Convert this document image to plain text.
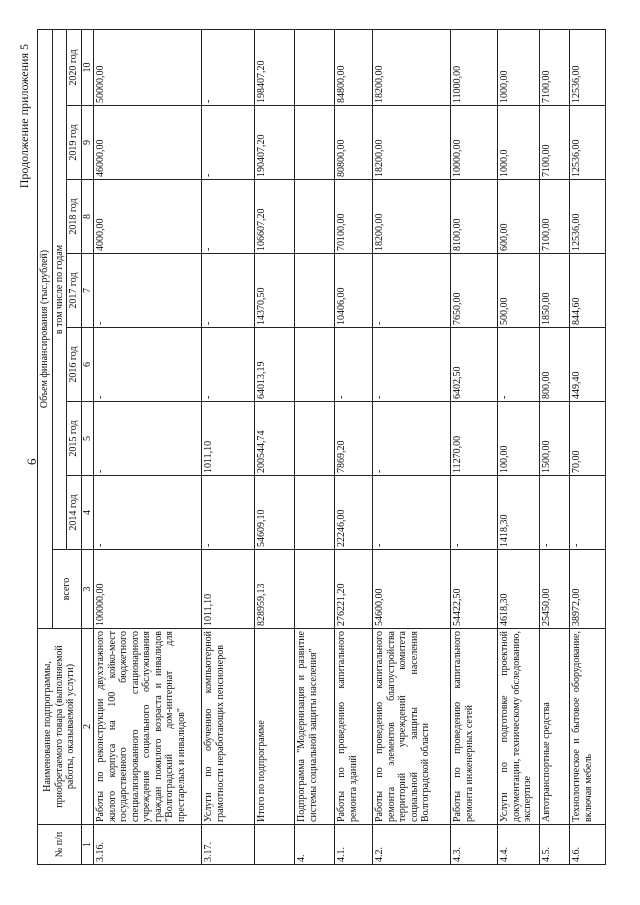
6
Продолжение приложения 5
№ п/п	Наименование подпрограммы, приобретаемого товара (выполняемой работы, оказываемой услуги)	Объем финансирования (тыс.рублей)							
		всего	в том числе по годам						
			2014 год	2015 год	2016 год	2017 год	2018 год	2019 год	2020 год
1	2	3	4	5	6	7	8	9	10
3.16.	Работы по реконструкции двухэтажного жилого корпуса на 100 койко-мест государственного бюджетного специализированного стационарного учреждения социального обслуживания граждан пожилого возраста и инвалидов "Волгоградский дом-интернат для престарелых и инвалидов"	100000,00	-	-	-	-	4000,00	46000,00	50000,00
3.17.	Услуги по обучению компьютерной грамотности неработающих пенсионеров	1011,10	-	1011,10	-	-	-	-	-
	Итого по подпрограмме	828959,13	54609,10	200544,74	64013,19	14370,50	106607,20	190407,20	198407,20
4.	Подпрограмма "Модернизация и развитие системы социальной защиты населения"								
4.1.	Работы по проведению капитального ремонта зданий	276221,20	22246,00	7869,20	-	10406,00	70100,00	80800,00	84800,00
4.2.	Работы по проведению капитального ремонта элементов благоустройства территорий учреждений комитета социальной защиты населения Волгоградской области	54600,00	-	-	-	-	18200,00	18200,00	18200,00
4.3.	Работы по проведению капитального ремонта инженерных сетей	54422,50	-	11270,00	6402,50	7650,00	8100,00	10000,00	11000,00
4.4.	Услуги по подготовке проектной документации, техническому обследованию, экспертизе	4618,30	1418,30	100,00	-	500,00	600,00	1000,0	1000,00
4.5.	Автотранспортные средства	25450,00	-	1500,00	800,00	1850,00	7100,00	7100,00	7100,00
4.6.	Технологическое и бытовое оборудование, включая мебель	38972,00	-	70,00	449,40	844,60	12536,00	12536,00	12536,00
